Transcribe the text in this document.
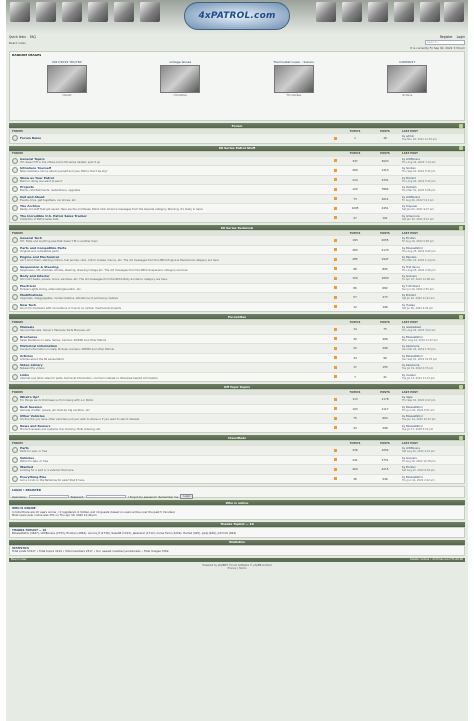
4xPATROL.com
Quick links FAQ	Register Login
Board index	Search...
It is currently Fri Sep 02, 2022 3:39 pm
RANDOM IMAGES
2017/2019 Y61/Y60
rdevati
vintage lenses
rDrivePaul
Thermostat Lower - Subaru
TS rosbikes
CAM00017
lindiana
Forum
FORUM	TOPICS	POSTS	LAST POST
Forum Rules	1	16	by admin
Tue Nov 16, 2021 11:33 am
60 Series Patrol Stuff
FORUM	TOPICS	POSTS	LAST POST
General Topics
If it doesn't fit in the others but is 60 series related, post it up	347	3023	by LVDBoosra
Thu Aug 04, 2022 7:14 am
Introduce Yourself
New members, tell us about yourself and your Patrol. Don't be shy!	260	1313	by Sindian
Thu Sep 01, 2022 3:32 pm
Show us Your Patrol
Build or doing one want to see it	214	4331	by Brinikid
Thu Aug 04, 2022 5:32 pm
Projects
Builds, refurbishments, restorations, upgrades	120	7864	by Rudolph
Thu Mar 31, 2022 5:06 pm
Out and About
Events, trips, get togethers, car shows, etc.	73	1011	by LVDBoosra
Fri Aug 26, 2022 5:11 pm
The Archive
Really old stuff that got saved. Here are the old Nissan Patrol Club America messages from the General category. Warning, it's dusty in here!	1095	4451	by Dispuser
Sat Jan 02, 2021 9:27 am
The Incredible U.S. Patrol Sales Tracker
Collection of Patrol sales data	47	101	by Gmencure
Sat Jan 30, 2021 8:15 pm
60 Series Technical
FORUM	TOPICS	POSTS	LAST POST
General Tech
DIY, FAQs and anything else that doesn't fit in another topic	193	2055	by Eindian
Fri Aug 19, 2022 5:28 pm
Parts and Compatible Parts
Original and compatible parts	283	2179	by BlowesPatrol
Thu Aug 25, 2022 9:45 pm
Engine and Mechanical
Ain't don't them, starting motors, fuel pumps, carb, clutch, brakes, tranny, etc. The old messages from the NPCA Engine & Mechanical category are here.	285	1947	by Bipolars
Thu Mar 24, 2022 1:14 pm
Suspension & Steering
Suspension, lift, shackles, shocks, steering, steering linkage etc. The old messages from the NPCA Suspension category are here.	98	895	by first dance
Thu Aug 25, 2022 2:26 pm
Body and Interior
Got rust? Seats, panels, doors, windows, etc. The old messages from the NPCA Body & Interior category are here.	150	1650	by Goovers
Fri Apr 07, 2022 12:08 am
Electrical
Fanless Lights wiring, alternator/generator, etc.	80	682	by T-90 Stand
Sun Jul 10, 2022 2:55 pm
Modifications
Upgrades, disaggregates, modernizations, alterations of just being creative	57	473	by Brinikid
Sat Jul 10, 2022 11:42 am
New Tech
Room for members with innovations or how to on certain mechanical projects	12	196	by Huslee
Sat Jul 09, 2022 9:20 pm
Puresbites
FORUM	TOPICS	POSTS	LAST POST
Manuals
Service Manuals, Owner's Manuals, Parts Manuals, etc	14	75	by Gleikestaeil
Thu Aug 04, 2022 3:04 am
Brochures
Sales literature on Gala, Series, Carriers, 4WD60 and other Patrols	30	206	by BlowesPatrol
Mon Aug 24, 2019 11:07 pm
Historical Information
Ancient information on Gala, Pickups, Carriers, 4WD60 and other Patrols	22	206	by Kalamerra
Sun Mar 24, 2019 1:33 pm
Articles
Articles about the 60 series Patrol	34	96	by BlowesPatrol
Sun Sep 01, 2019 10:25 pm
Video Library
Noteworthy videos	17	155	by Kalamerra
Tue Jul 19, 2022 4:53 pm
Links
Internet and other sites for parts, technical information, common interest or otherwise helpful information	7	41	by Invader
Tue Jul 13, 2021 11:13 pm
Off Topic Topics
FORUM	TOPICS	POSTS	LAST POST
What's Up?
For things we do that keep us from being with our Patrol.	113	1178	by Idgar
Thu Sep 01, 2022 4:02 pm
Rust Session
General chatter, gossip, jail, that all, big vacation, etc	103	1117	by BlowesPatrol
Thu Jun 02, 2022 8:31 am
Other Vehicles
It's fine the you have other vehicles! put your wish to share or if you want to sell of interest.	75	604	by BlowesPatrol
Tue Jun 14, 2022 10:23 pm
News and Rumors
Product reviews and systems, trip memory, Bulk ordering, etc.	43	298	by BlowesPatrol
Tue Jul 17, 2018 4:52 pm
Classifieds
FORUM	TOPICS	POSTS	LAST POST
Parts
Parts for sale, or free	236	1052	by LVDBoosra
Sat Aug 20, 2022 4:22 pm
Vehicles
Patrol for sale, or free	241	3751	by Goovers
Fri Aug 19, 2022 12:18 pm
Wanted
Looking for a part or a vehicle? Post here.	404	2215	by Eindian
Sat Aug 22, 2022 6:04 pm
Everything Else
Got a condo in the Bahamas for sale? Post it here.	36	246	by BlowesPatrol
Thu Jun 14, 2022 2:22 am
LOGIN • REGISTER
Username:	Password:	I forgot my password Remember me	Login
Who is online
WHO IS ONLINE
In total there are 10 users online :: 0 registered, 0 hidden and 10 guests (based on users active over the past 5 minutes)
Most users ever online was 351 on Thu Apr 30, 2020 12:46 pm
Thanks Toplist — 10
THANKS TOPLIST — 10
BlowesPatrol (3847), LVDBoosra (2753), Eindian (1861), annica_fi (1736), Sasa48 (1313), Jakessrar (1712), Curse Ferrs (1202), Harrell (925), pp4J (946), jrdrmmi (844)
Statistics
STATISTICS
Total posts 53127 • Total topics 3144 • Total members 2517 • Our newest member jacobsmads • Total Images 7069
Board index	Delete cookies • All times are UTC-06:00
Powered by phpBB® Forum Software © phpBB Limited
Privacy | Terms
